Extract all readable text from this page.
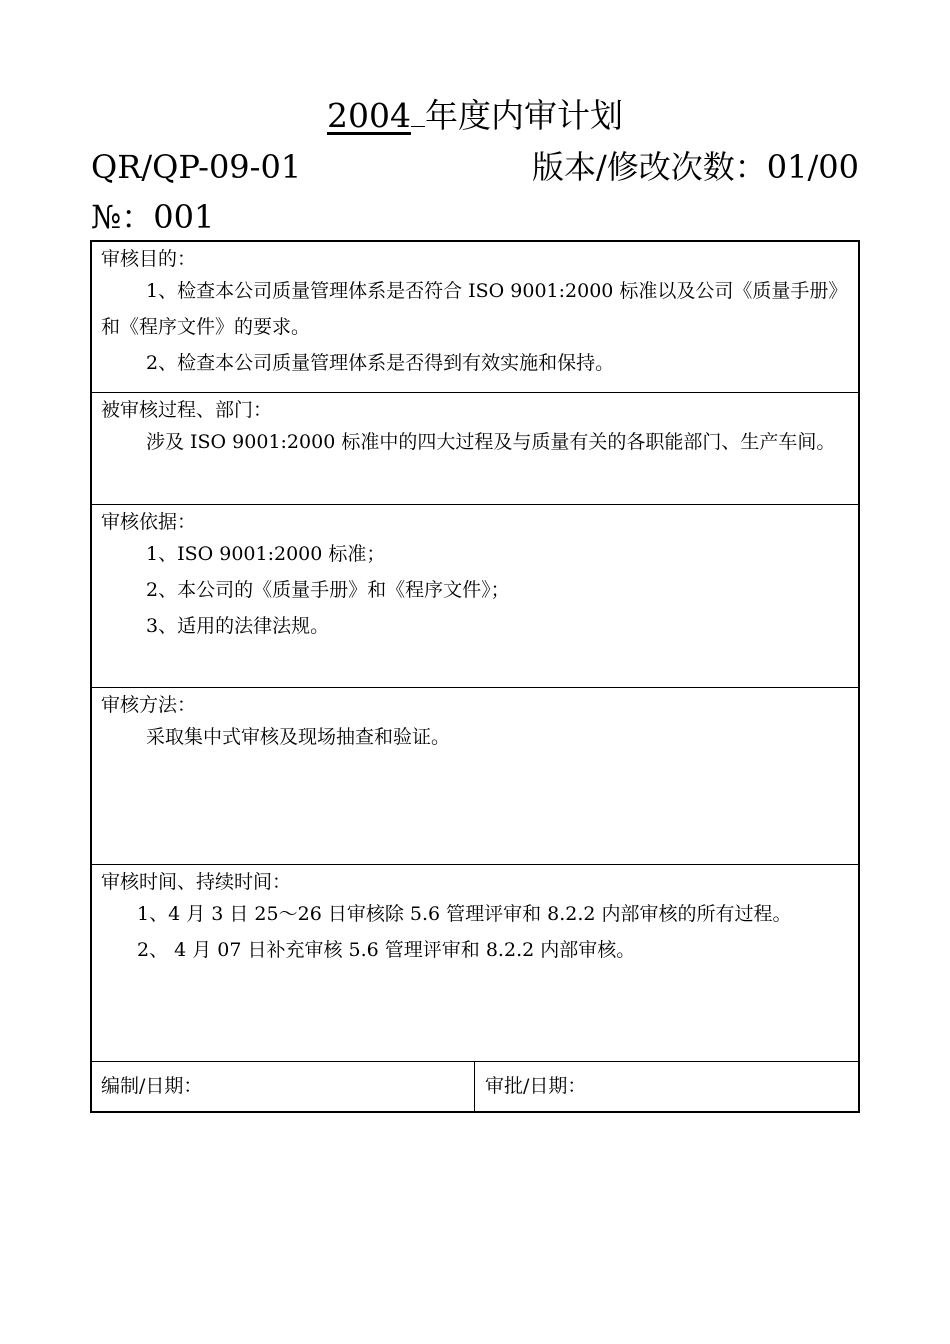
2004 年度内审计划
QR/QP-09-01	版本/修改次数：01/00
№：001
审核目的：
1、检查本公司质量管理体系是否符合 ISO 9001:2000 标准以及公司《质量手册》和《程序文件》的要求。
2、检查本公司质量管理体系是否得到有效实施和保持。
被审核过程、部门：
涉及 ISO 9001:2000 标准中的四大过程及与质量有关的各职能部门、生产车间。
审核依据：
1、ISO 9001:2000 标准；
2、本公司的《质量手册》和《程序文件》；
3、适用的法律法规。
审核方法：
采取集中式审核及现场抽查和验证。
审核时间、持续时间：
1、4 月 3 日 25～26 日审核除 5.6 管理评审和 8.2.2 内部审核的所有过程。
2、 4 月 07 日补充审核 5.6 管理评审和 8.2.2 内部审核。
编制/日期：	审批/日期：
